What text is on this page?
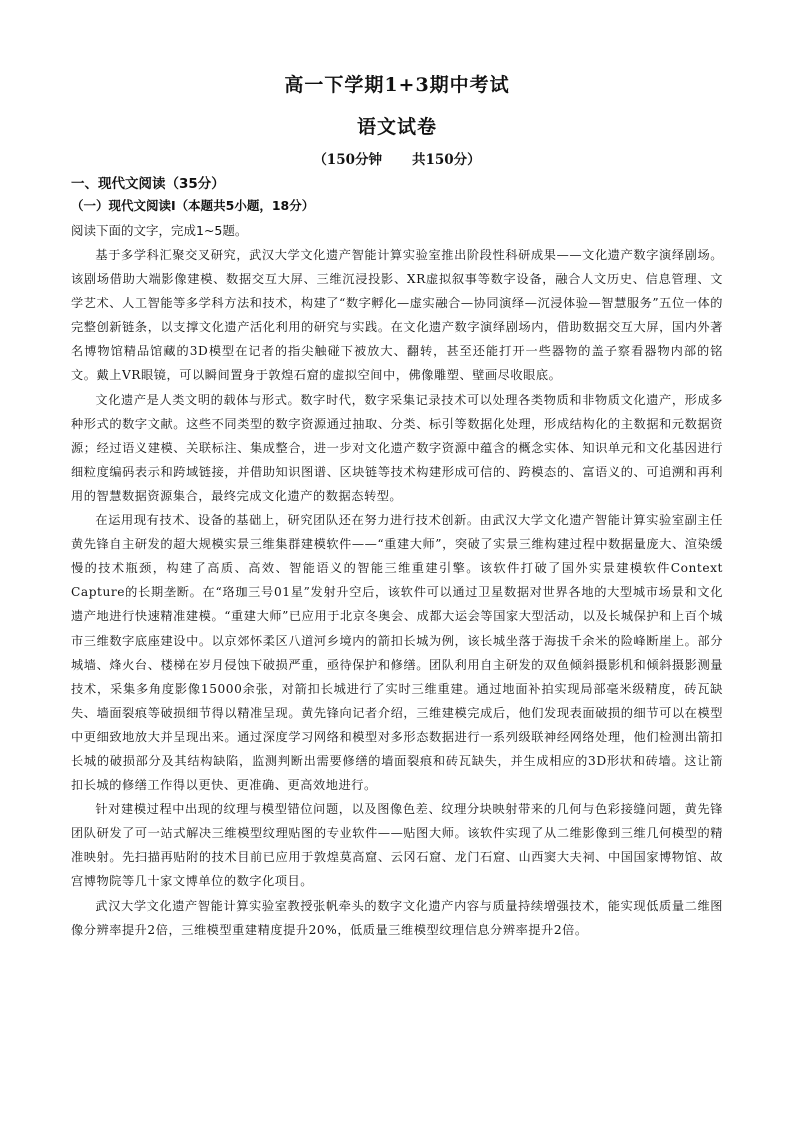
高一下学期1+3期中考试
语文试卷
（150分钟 共150分）
一、现代文阅读（35分）
（一）现代文阅读I（本题共5小题，18分）
阅读下面的文字，完成1~5题。

基于多学科汇聚交叉研究，武汉大学文化遗产智能计算实验室推出阶段性科研成果——文化遗产数字演绎剧场。该剧场借助大端影像建模、数据交互大屏、三维沉浸投影、XR虚拟叙事等数字设备，融合人文历史、信息管理、文学艺术、人工智能等多学科方法和技术，构建了“数字孵化—虚实融合—协同演绎—沉浸体验—智慧服务”五位一体的完整创新链条，以支撑文化遗产活化利用的研究与实践。在文化遗产数字演绎剧场内，借助数据交互大屏，国内外著名博物馆精品馆藏的3D模型在记者的指尖触碰下被放大、翻转，甚至还能打开一些器物的盖子察看器物内部的铭文。戴上VR眼镜，可以瞬间置身于敦煌石窟的虚拟空间中，佛像雕塑、壁画尽收眼底。

文化遗产是人类文明的载体与形式。数字时代，数字采集记录技术可以处理各类物质和非物质文化遗产，形成多种形式的数字文献。这些不同类型的数字资源通过抽取、分类、标引等数据化处理，形成结构化的主数据和元数据资源；经过语义建模、关联标注、集成整合，进一步对文化遗产数字资源中蕴含的概念实体、知识单元和文化基因进行细粒度编码表示和跨域链接，并借助知识图谱、区块链等技术构建形成可信的、跨模态的、富语义的、可追溯和再利用的智慧数据资源集合，最终完成文化遗产的数据态转型。

在运用现有技术、设备的基础上，研究团队还在努力进行技术创新。由武汉大学文化遗产智能计算实验室副主任黄先锋自主研发的超大规模实景三维集群建模软件——“重建大师”，突破了实景三维构建过程中数据量庞大、渲染缓慢的技术瓶颈，构建了高质、高效、智能语义的智能三维重建引擎。该软件打破了国外实景建模软件Context Capture的长期垄断。在“珞珈三号01星”发射升空后，该软件可以通过卫星数据对世界各地的大型城市场景和文化遗产地进行快速精准建模。“重建大师”已应用于北京冬奥会、成都大运会等国家大型活动，以及长城保护和上百个城市三维数字底座建设中。以京郊怀柔区八道河乡境内的箭扣长城为例，该长城坐落于海拔千余米的险峰断崖上。部分城墙、烽火台、楼梯在岁月侵蚀下破损严重，亟待保护和修缮。团队利用自主研发的双鱼倾斜摄影机和倾斜摄影测量技术，采集多角度影像15000余张，对箭扣长城进行了实时三维重建。通过地面补拍实现局部毫米级精度，砖瓦缺失、墙面裂痕等破损细节得以精准呈现。黄先锋向记者介绍，三维建模完成后，他们发现表面破损的细节可以在模型中更细致地放大并呈现出来。通过深度学习网络和模型对多形态数据进行一系列级联神经网络处理，他们检测出箭扣长城的破损部分及其结构缺陷，监测判断出需要修缮的墙面裂痕和砖瓦缺失，并生成相应的3D形状和砖墙。这让箭扣长城的修缮工作得以更快、更准确、更高效地进行。

针对建模过程中出现的纹理与模型错位问题，以及图像色差、纹理分块映射带来的几何与色彩接缝问题，黄先锋团队研发了可一站式解决三维模型纹理贴图的专业软件——贴图大师。该软件实现了从二维影像到三维几何模型的精准映射。先扫描再贴附的技术目前已应用于敦煌莫高窟、云冈石窟、龙门石窟、山西窦大夫祠、中国国家博物馆、故宫博物院等几十家文博单位的数字化项目。

武汉大学文化遗产智能计算实验室教授张帆牵头的数字文化遗产内容与质量持续增强技术，能实现低质量二维图像分辨率提升2倍，三维模型重建精度提升20%，低质量三维模型纹理信息分辨率提升2倍。
